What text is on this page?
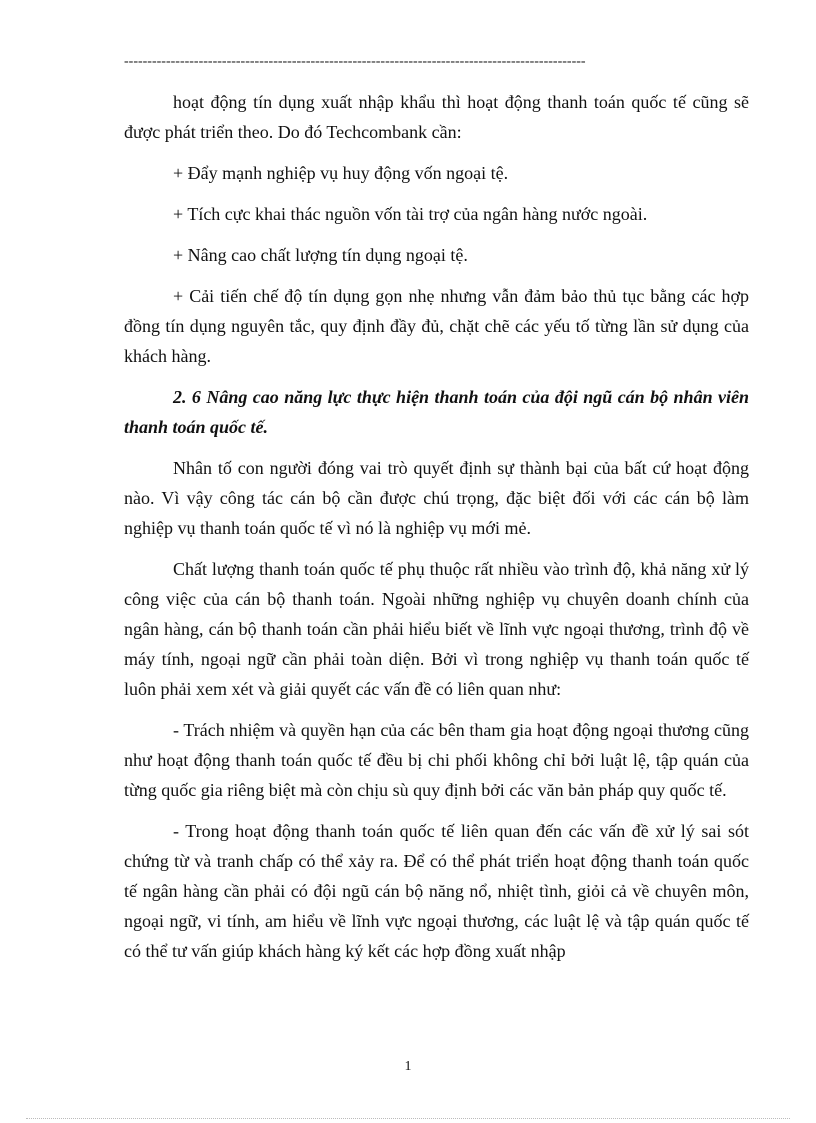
---------------------------------------------------------------------------------------------------

hoạt động tín dụng xuất nhập khẩu thì hoạt động thanh toán quốc tế cũng sẽ được phát triển theo. Do đó Techcombank cần:

+ Đẩy mạnh nghiệp vụ huy động vốn ngoại tệ.

+ Tích cực khai thác nguồn vốn tài trợ của ngân hàng nước ngoài.

+ Nâng cao chất lượng tín dụng ngoại tệ.

+ Cải tiến chế độ tín dụng gọn nhẹ nhưng vẫn đảm bảo thủ tục bằng các hợp đồng tín dụng nguyên tắc, quy định đầy đủ, chặt chẽ các yếu tố từng lần sử dụng của khách hàng.

2. 6 Nâng cao năng lực thực hiện thanh toán của đội ngũ cán bộ nhân viên thanh toán quốc tế.

Nhân tố con người đóng vai trò quyết định sự thành bại của bất cứ hoạt động nào. Vì vậy công tác cán bộ cần được chú trọng, đặc biệt đối với các cán bộ làm nghiệp vụ thanh toán quốc tế vì nó là nghiệp vụ mới mẻ.

Chất lượng thanh toán quốc tế phụ thuộc rất nhiều vào trình độ, khả năng xử lý công việc của cán bộ thanh toán. Ngoài những nghiệp vụ chuyên doanh chính của ngân hàng, cán bộ thanh toán cần phải hiểu biết về lĩnh vực ngoại thương, trình độ về máy tính, ngoại ngữ cần phải toàn diện. Bởi vì trong nghiệp vụ thanh toán quốc tế luôn phải xem xét và giải quyết các vấn đề có liên quan như:

- Trách nhiệm và quyền hạn của các bên tham gia hoạt động ngoại thương cũng như hoạt động thanh toán quốc tế đều bị chi phối không chỉ bởi luật lệ, tập quán của từng quốc gia riêng biệt mà còn chịu sù quy định bởi các văn bản pháp quy quốc tế.

- Trong hoạt động thanh toán quốc tế liên quan đến các vấn đề xử lý sai sót chứng từ và tranh chấp có thể xảy ra. Để có thể phát triển hoạt động thanh toán quốc tế ngân hàng cần phải có đội ngũ cán bộ năng nổ, nhiệt tình, giỏi cả về chuyên môn, ngoại ngữ, vi tính, am hiểu về lĩnh vực ngoại thương, các luật lệ và tập quán quốc tế có thể tư vấn giúp khách hàng ký kết các hợp đồng xuất nhập

1
